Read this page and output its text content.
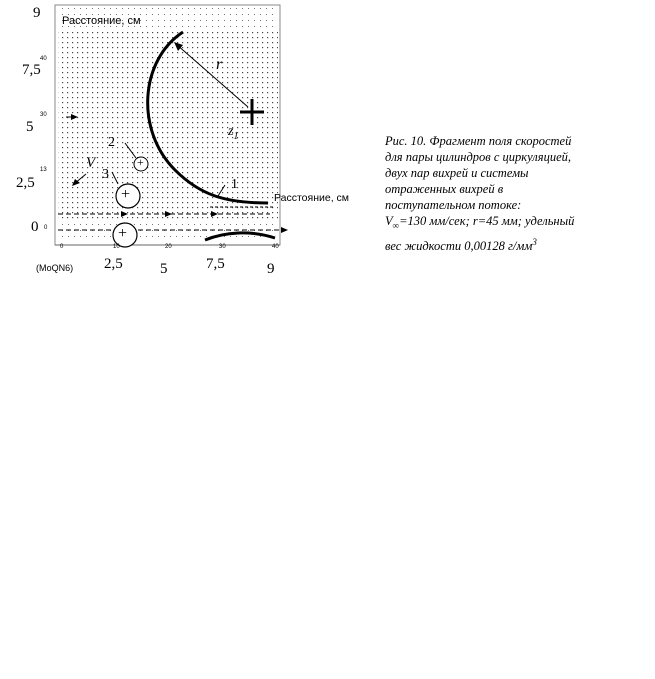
Расстояние, см
Расстояние, см
(МоQN6)
9
7,5
5
2,5
0
2,5 5	7,5	9
40
30
13
0
0	10	20	30	40
r
$z_1$
V
1
2
3
+
+
+
Рис. 10. Фрагмент поля скоростей
для пары цилиндров с циркуляцией,
двух пар вихрей и системы
отраженных вихрей в
поступательном потоке:
$V_\infty=130$ мм/сек; r=45 мм; удельный
вес жидкости 0,00128 $г/мм^3$
